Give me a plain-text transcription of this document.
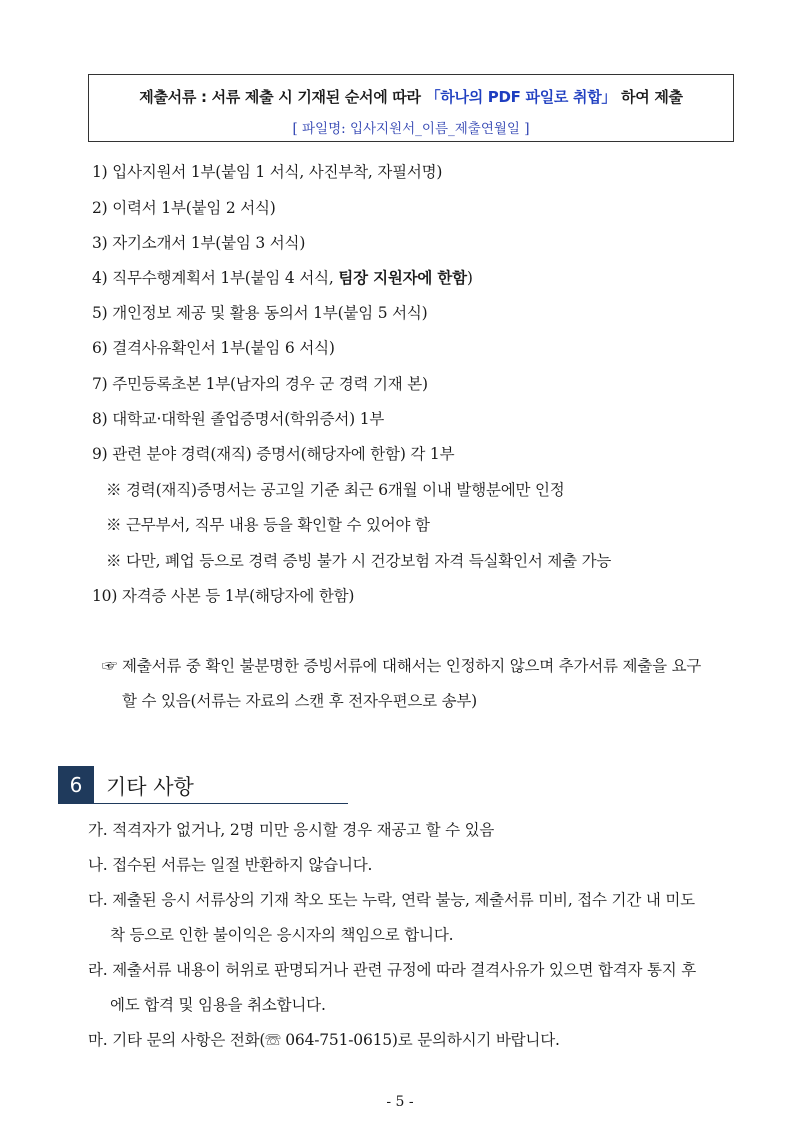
제출서류 : 서류 제출 시 기재된 순서에 따라 「하나의 PDF 파일로 취합」 하여 제출
[ 파일명: 입사지원서_이름_제출연월일 ]
1) 입사지원서 1부(붙임 1 서식, 사진부착, 자필서명)
2) 이력서 1부(붙임 2 서식)
3) 자기소개서 1부(붙임 3 서식)
4) 직무수행계획서 1부(붙임 4 서식, 팀장 지원자에 한함)
5) 개인정보 제공 및 활용 동의서 1부(붙임 5 서식)
6) 결격사유확인서 1부(붙임 6 서식)
7) 주민등록초본 1부(남자의 경우 군 경력 기재 본)
8) 대학교·대학원 졸업증명서(학위증서) 1부
9) 관련 분야 경력(재직) 증명서(해당자에 한함) 각 1부
※ 경력(재직)증명서는 공고일 기준 최근 6개월 이내 발행분에만 인정
※ 근무부서, 직무 내용 등을 확인할 수 있어야 함
※ 다만, 폐업 등으로 경력 증빙 불가 시 건강보험 자격 득실확인서 제출 가능
10) 자격증 사본 등 1부(해당자에 한함)
☞ 제출서류 중 확인 불분명한 증빙서류에 대해서는 인정하지 않으며 추가서류 제출을 요구
할 수 있음(서류는 자료의 스캔 후 전자우편으로 송부)
6	기타 사항
가. 적격자가 없거나, 2명 미만 응시할 경우 재공고 할 수 있음
나. 접수된 서류는 일절 반환하지 않습니다.
다. 제출된 응시 서류상의 기재 착오 또는 누락, 연락 불능, 제출서류 미비, 접수 기간 내 미도
착 등으로 인한 불이익은 응시자의 책임으로 합니다.
라. 제출서류 내용이 허위로 판명되거나 관련 규정에 따라 결격사유가 있으면 합격자 통지 후
에도 합격 및 임용을 취소합니다.
마. 기타 문의 사항은 전화(☏ 064-751-0615)로 문의하시기 바랍니다.
- 5 -
